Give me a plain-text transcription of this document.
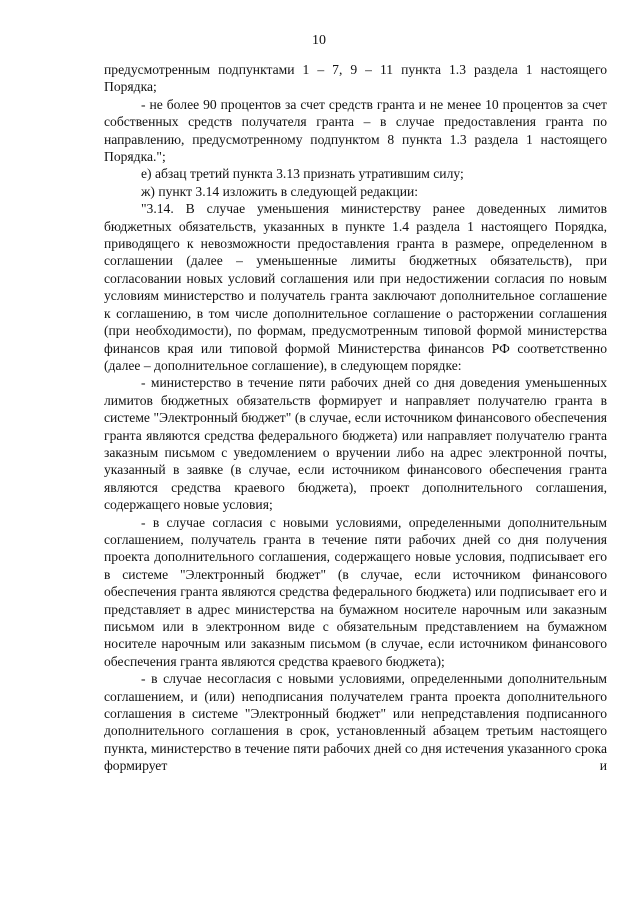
10

предусмотренным подпунктами 1 – 7, 9 – 11 пункта 1.3 раздела 1 настоящего Порядка;

- не более 90 процентов за счет средств гранта и не менее 10 процентов за счет собственных средств получателя гранта – в случае предоставления гранта по направлению, предусмотренному подпунктом 8 пункта 1.3 раздела 1 настоящего Порядка.";

е) абзац третий пункта 3.13 признать утратившим силу;

ж) пункт 3.14 изложить в следующей редакции:

"3.14. В случае уменьшения министерству ранее доведенных лимитов бюджетных обязательств, указанных в пункте 1.4 раздела 1 настоящего Порядка, приводящего к невозможности предоставления гранта в размере, определенном в соглашении (далее – уменьшенные лимиты бюджетных обязательств), при согласовании новых условий соглашения или при недостижении согласия по новым условиям министерство и получатель гранта заключают дополнительное соглашение к соглашению, в том числе дополнительное соглашение о расторжении соглашения (при необходимости), по формам, предусмотренным типовой формой министерства финансов края или типовой формой Министерства финансов РФ соответственно (далее – дополнительное соглашение), в следующем порядке:

- министерство в течение пяти рабочих дней со дня доведения уменьшенных лимитов бюджетных обязательств формирует и направляет получателю гранта в системе "Электронный бюджет" (в случае, если источником финансового обеспечения гранта являются средства федерального бюджета) или направляет получателю гранта заказным письмом с уведомлением о вручении либо на адрес электронной почты, указанный в заявке (в случае, если источником финансового обеспечения гранта являются средства краевого бюджета), проект дополнительного соглашения, содержащего новые условия;

- в случае согласия с новыми условиями, определенными дополнительным соглашением, получатель гранта в течение пяти рабочих дней со дня получения проекта дополнительного соглашения, содержащего новые условия, подписывает его в системе "Электронный бюджет" (в случае, если источником финансового обеспечения гранта являются средства федерального бюджета) или подписывает его и представляет в адрес министерства на бумажном носителе нарочным или заказным письмом или в электронном виде с обязательным представлением на бумажном носителе нарочным или заказным письмом (в случае, если источником финансового обеспечения гранта являются средства краевого бюджета);

- в случае несогласия с новыми условиями, определенными дополнительным соглашением, и (или) неподписания получателем гранта проекта дополнительного соглашения в системе "Электронный бюджет" или непредставления подписанного дополнительного соглашения в срок, установленный абзацем третьим настоящего пункта, министерство в течение пяти рабочих дней со дня истечения указанного срока формирует и
